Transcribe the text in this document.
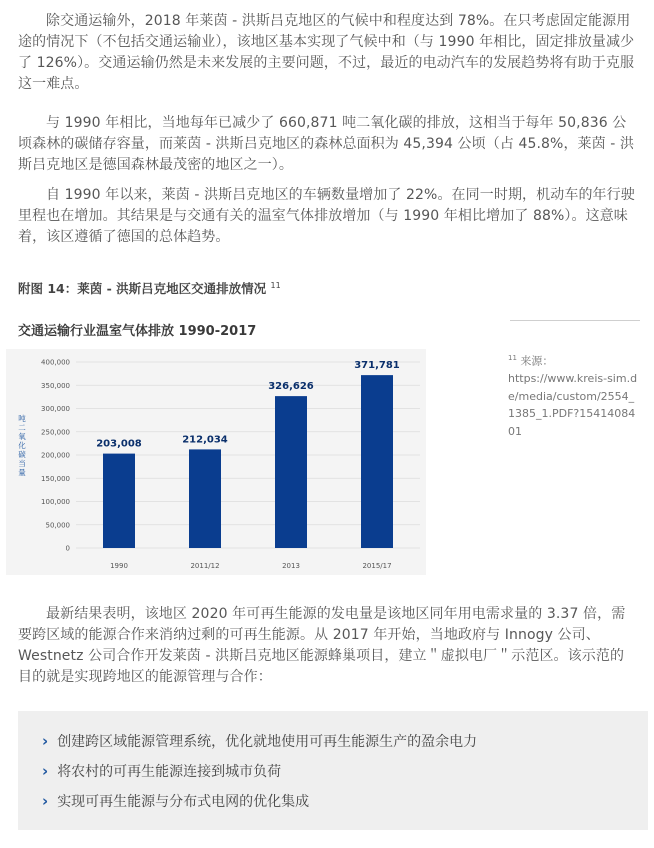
除交通运输外，2018 年莱茵 - 洪斯吕克地区的气候中和程度达到 78%。在只考虑固定能源用途的情况下（不包括交通运输业），该地区基本实现了气候中和（与 1990 年相比，固定排放量减少了 126%）。交通运输仍然是未来发展的主要问题，不过，最近的电动汽车的发展趋势将有助于克服这一难点。

与 1990 年相比，当地每年已减少了 660,871 吨二氧化碳的排放，这相当于每年 50,836 公顷森林的碳储存容量，而莱茵 - 洪斯吕克地区的森林总面积为 45,394 公顷（占 45.8%，莱茵 - 洪斯吕克地区是德国森林最茂密的地区之一）。

自 1990 年以来，莱茵 - 洪斯吕克地区的车辆数量增加了 22%。在同一时期，机动车的年行驶里程也在增加。其结果是与交通有关的温室气体排放增加（与 1990 年相比增加了 88%）。这意味着，该区遵循了德国的总体趋势。

附图 14：莱茵 - 洪斯吕克地区交通排放情况 $^{11}$
交通运输行业温室气体排放 1990-2017
$^{11}$ 来源：
https://www.kreis-sim.de/media/custom/2554_1385_1.PDF?1541408401
0
50,000
100,000
150,000
200,000
250,000
300,000
350,000
400,000
203,008
1990
212,034
2011/12
326,626
2013
371,781
2015/17
吨二氧化碳当量

最新结果表明，该地区 2020 年可再生能源的发电量是该地区同年用电需求量的 3.37 倍，需要跨区域的能源合作来消纳过剩的可再生能源。从 2017 年开始，当地政府与 Innogy 公司、Westnetz 公司合作开发莱茵 - 洪斯吕克地区能源蜂巢项目，建立＂虚拟电厂＂示范区。该示范的目的就是实现跨地区的能源管理与合作：

› 创建跨区域能源管理系统，优化就地使用可再生能源生产的盈余电力
› 将农村的可再生能源连接到城市负荷
› 实现可再生能源与分布式电网的优化集成
